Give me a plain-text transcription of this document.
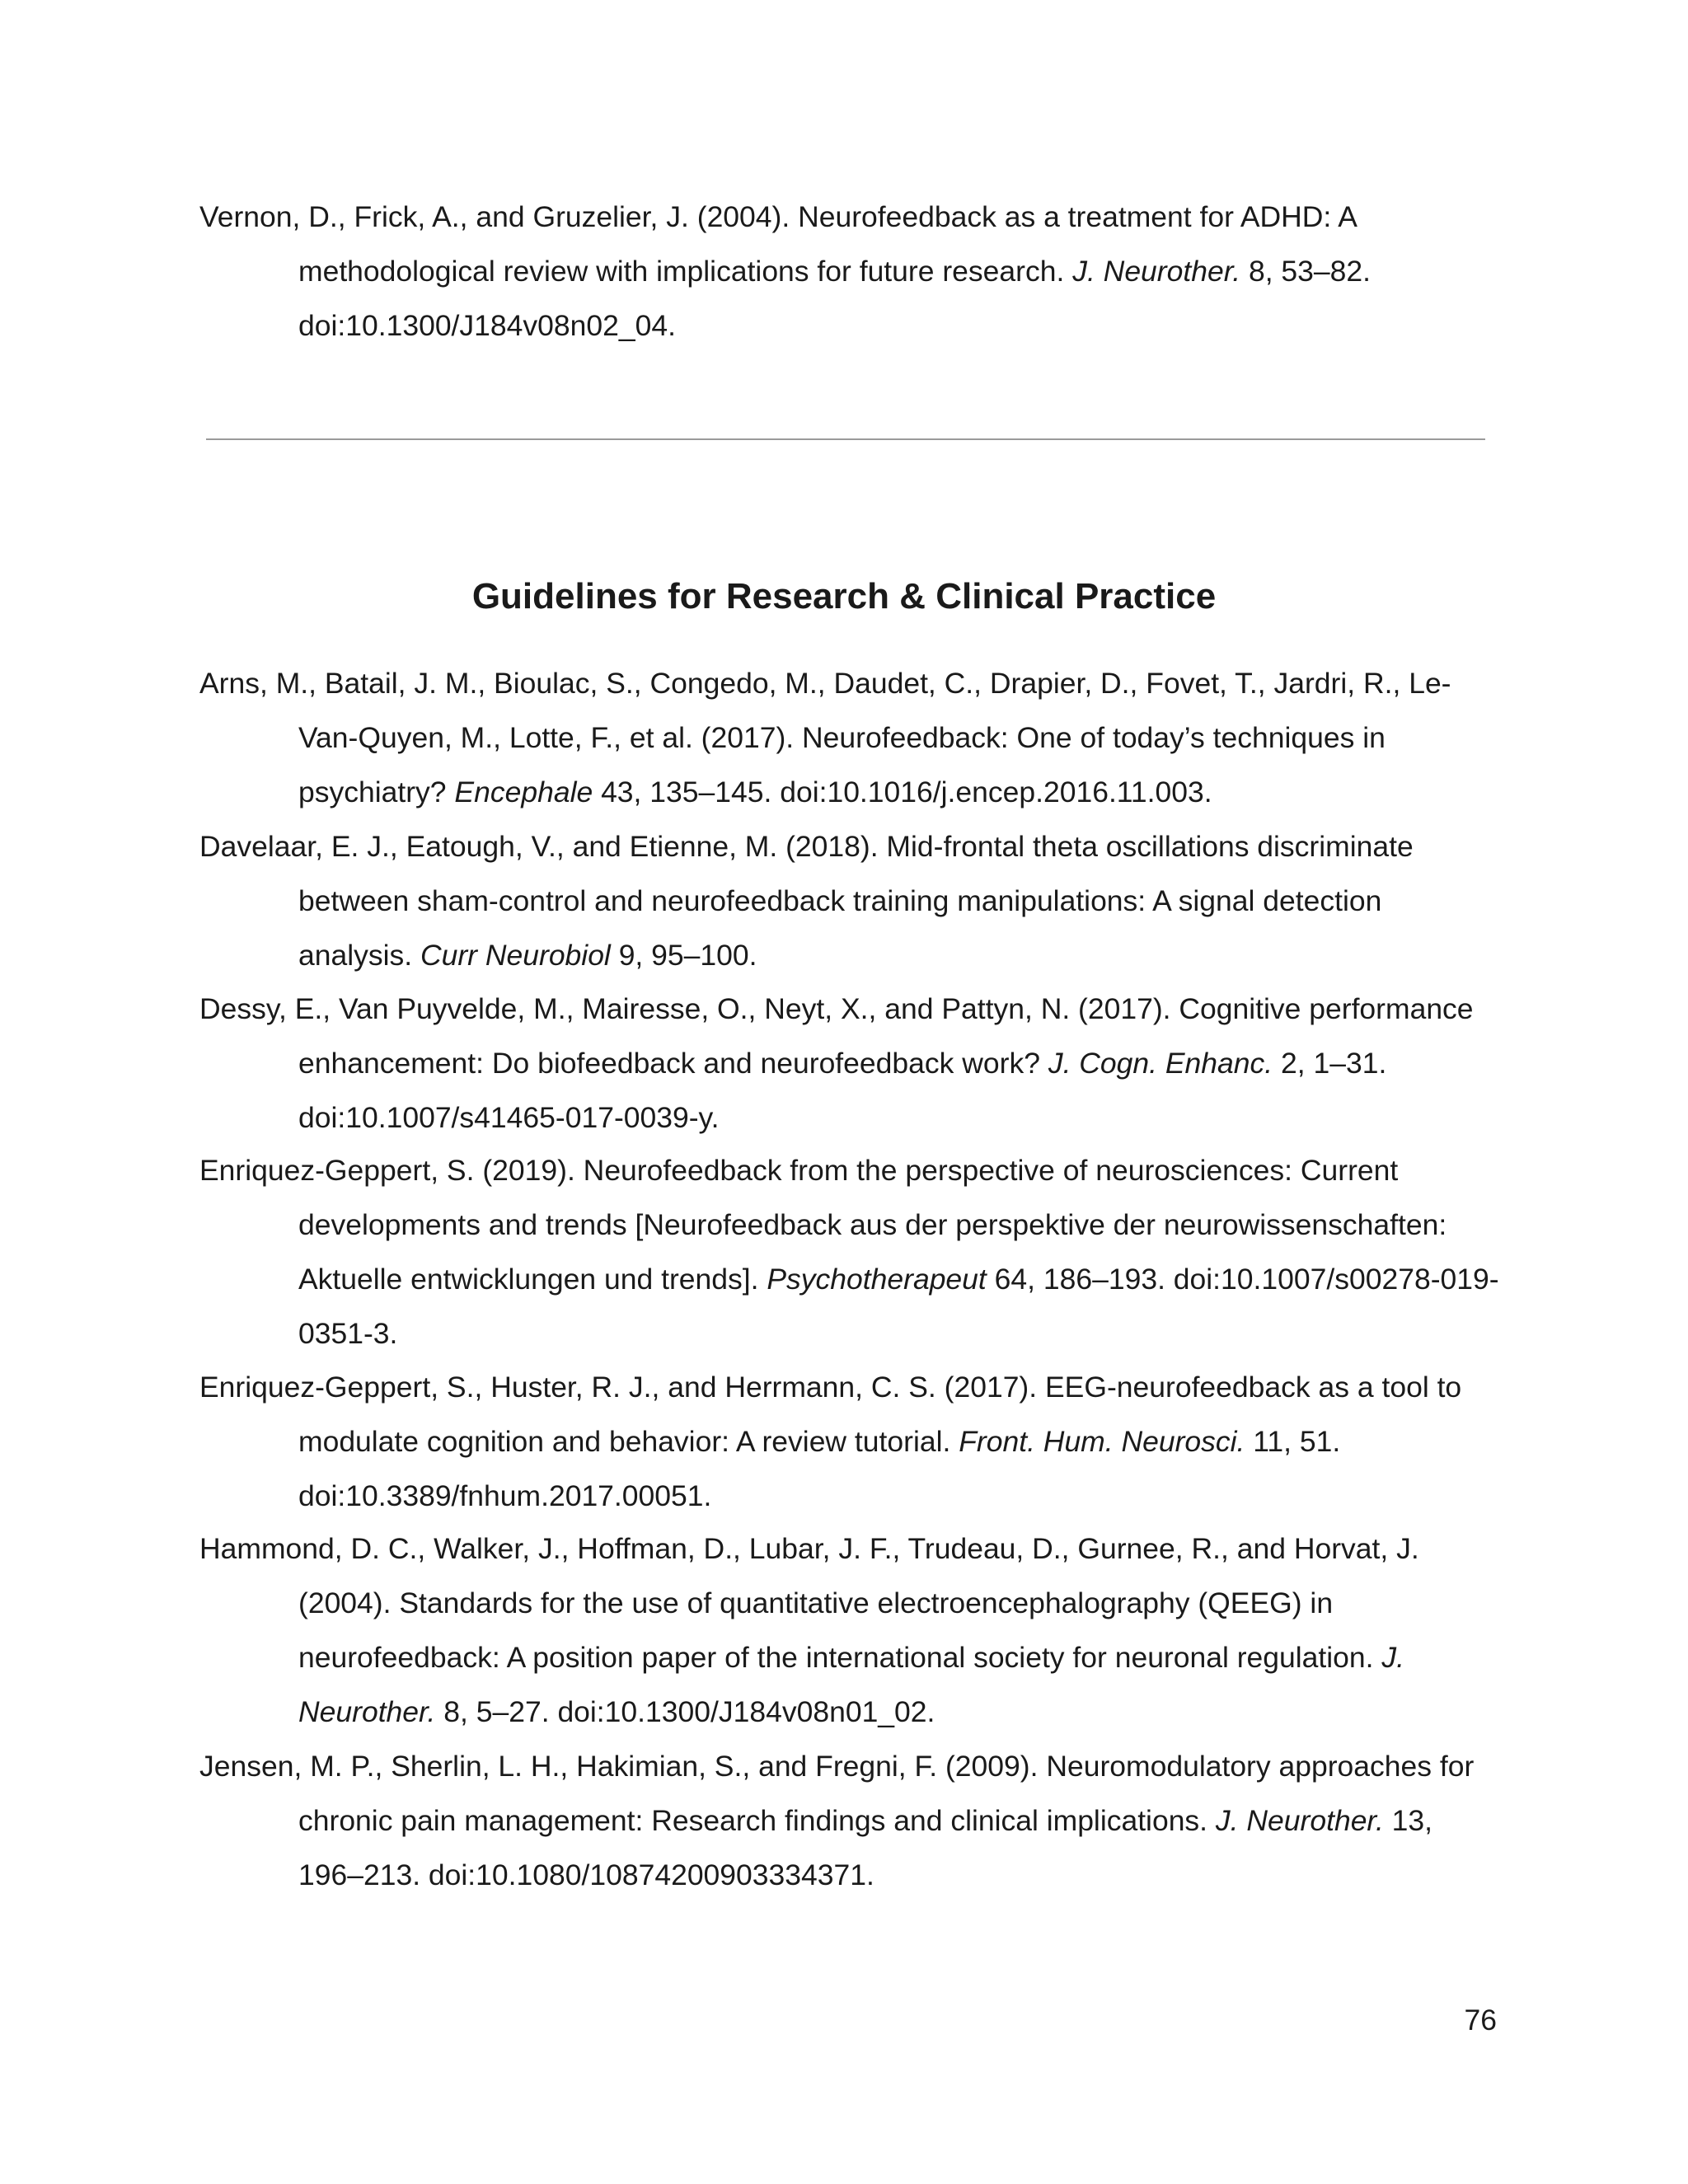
Vernon, D., Frick, A., and Gruzelier, J. (2004). Neurofeedback as a treatment for ADHD: A methodological review with implications for future research. J. Neurother. 8, 53–82. doi:10.1300/J184v08n02_04.

Guidelines for Research & Clinical Practice

Arns, M., Batail, J. M., Bioulac, S., Congedo, M., Daudet, C., Drapier, D., Fovet, T., Jardri, R., Le-Van-Quyen, M., Lotte, F., et al. (2017). Neurofeedback: One of today’s techniques in psychiatry? Encephale 43, 135–145. doi:10.1016/j.encep.2016.11.003.

Davelaar, E. J., Eatough, V., and Etienne, M. (2018). Mid-frontal theta oscillations discriminate between sham-control and neurofeedback training manipulations: A signal detection analysis. Curr Neurobiol 9, 95–100.

Dessy, E., Van Puyvelde, M., Mairesse, O., Neyt, X., and Pattyn, N. (2017). Cognitive performance enhancement: Do biofeedback and neurofeedback work? J. Cogn. Enhanc. 2, 1–31. doi:10.1007/s41465-017-0039-y.

Enriquez-Geppert, S. (2019). Neurofeedback from the perspective of neurosciences: Current developments and trends [Neurofeedback aus der perspektive der neurowissenschaften: Aktuelle entwicklungen und trends]. Psychotherapeut 64, 186–193. doi:10.1007/s00278-019-0351-3.

Enriquez-Geppert, S., Huster, R. J., and Herrmann, C. S. (2017). EEG-neurofeedback as a tool to modulate cognition and behavior: A review tutorial. Front. Hum. Neurosci. 11, 51. doi:10.3389/fnhum.2017.00051.

Hammond, D. C., Walker, J., Hoffman, D., Lubar, J. F., Trudeau, D., Gurnee, R., and Horvat, J. (2004). Standards for the use of quantitative electroencephalography (QEEG) in neurofeedback: A position paper of the international society for neuronal regulation. J. Neurother. 8, 5–27. doi:10.1300/J184v08n01_02.

Jensen, M. P., Sherlin, L. H., Hakimian, S., and Fregni, F. (2009). Neuromodulatory approaches for chronic pain management: Research findings and clinical implications. J. Neurother. 13, 196–213. doi:10.1080/10874200903334371.

76
